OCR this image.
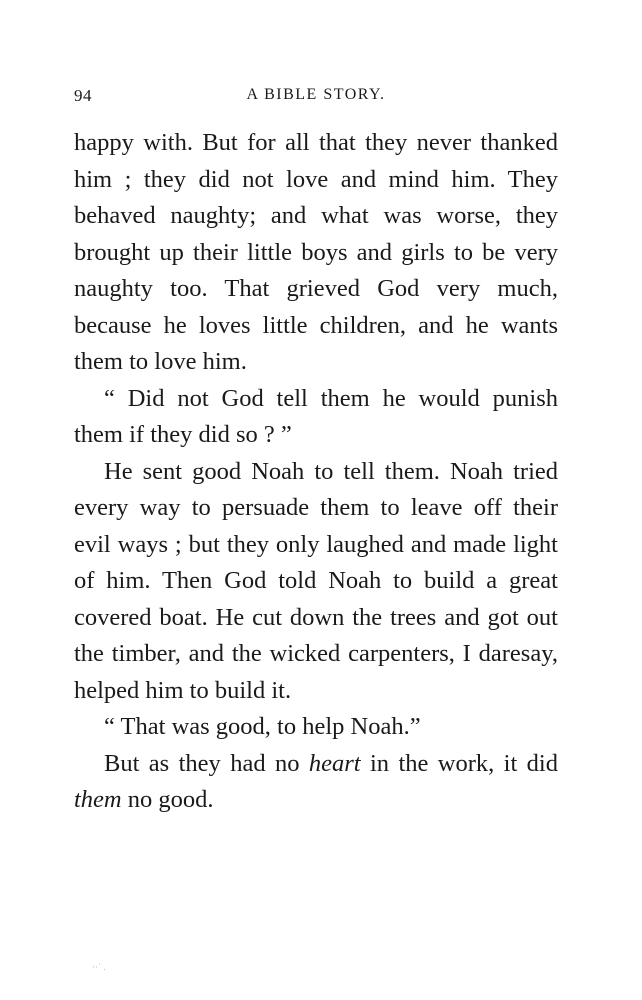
94	A BIBLE STORY.

happy with. But for all that they never thanked him ; they did not love and mind him. They behaved naughty; and what was worse, they brought up their little boys and girls to be very naughty too. That grieved God very much, because he loves little children, and he wants them to love him.

“ Did not God tell them he would punish them if they did so ? ”

He sent good Noah to tell them. Noah tried every way to persuade them to leave off their evil ways ; but they only laughed and made light of him. Then God told Noah to build a great covered boat. He cut down the trees and got out the timber, and the wicked carpenters, I daresay, helped him to build it.

“ That was good, to help Noah.”

But as they had no heart in the work, it did them no good.

··˙ .
